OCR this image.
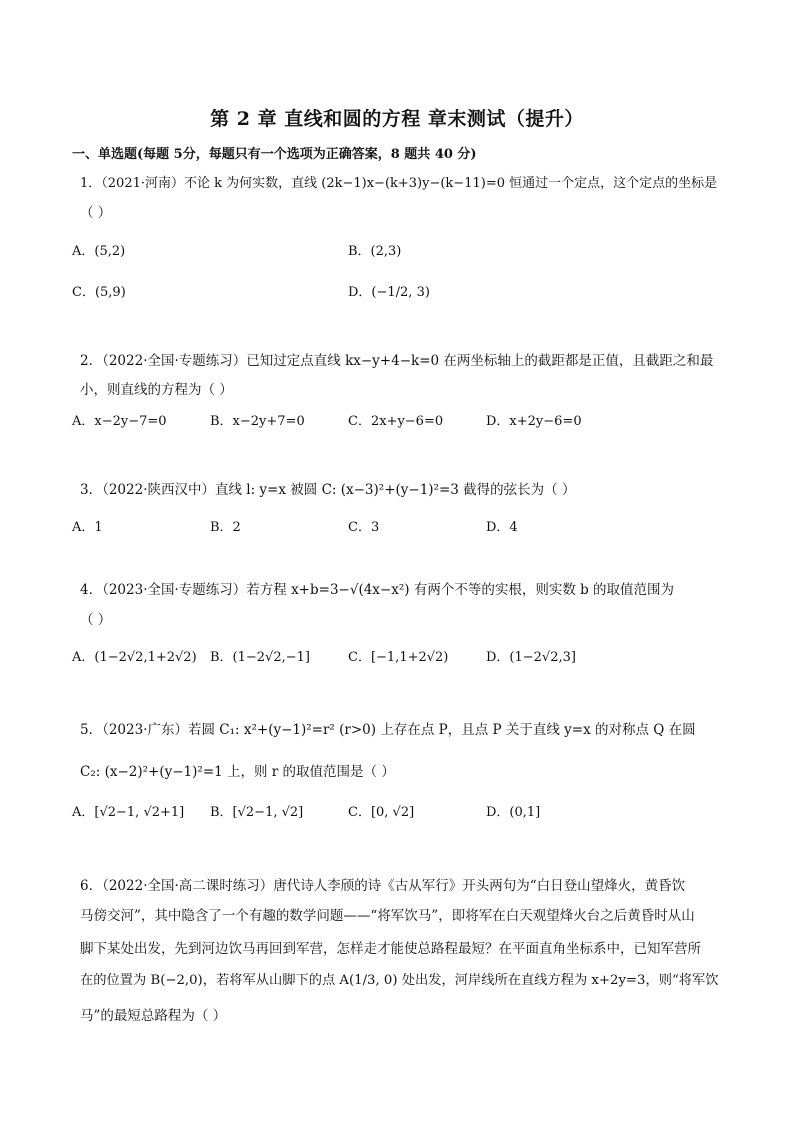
第 2 章 直线和圆的方程 章末测试（提升）
一、单选题(每题 5分，每题只有一个选项为正确答案，8 题共 40 分)
1．（2021·河南）不论 k 为何实数，直线 (2k−1)x−(k+3)y−(k−11)=0 恒通过一个定点，这个定点的坐标是
（ ）
A．(5,2)	B．(2,3)
C．(5,9)	D．(−1/2, 3)
2．（2022·全国·专题练习）已知过定点直线 kx−y+4−k=0 在两坐标轴上的截距都是正值，且截距之和最
小，则直线的方程为（ ）
A．x−2y−7=0	B．x−2y+7=0	C．2x+y−6=0	D．x+2y−6=0
3．（2022·陕西汉中）直线 l: y=x 被圆 C: (x−3)²+(y−1)²=3 截得的弦长为（ ）
A．1	B．2	C．3	D．4
4．（2023·全国·专题练习）若方程 x+b=3−√(4x−x²) 有两个不等的实根，则实数 b 的取值范围为
（ ）
A．(1−2√2,1+2√2) B．(1−2√2,−1]	C．[−1,1+2√2)	D．(1−2√2,3]
5．（2023·广东）若圆 C₁: x²+(y−1)²=r² (r>0) 上存在点 P，且点 P 关于直线 y=x 的对称点 Q 在圆
C₂: (x−2)²+(y−1)²=1 上，则 r 的取值范围是（ ）
A．[√2−1, √2+1] B．[√2−1, √2]	C．[0, √2]	D．(0,1]
6．（2022·全国·高二课时练习）唐代诗人李颀的诗《古从军行》开头两句为“白日登山望烽火，黄昏饮
马傍交河”，其中隐含了一个有趣的数学问题——“将军饮马”，即将军在白天观望烽火台之后黄昏时从山
脚下某处出发，先到河边饮马再回到军营，怎样走才能使总路程最短？在平面直角坐标系中，已知军营所
在的位置为 B(−2,0)，若将军从山脚下的点 A(1/3, 0) 处出发，河岸线所在直线方程为 x+2y=3，则“将军饮
马”的最短总路程为（ ）
